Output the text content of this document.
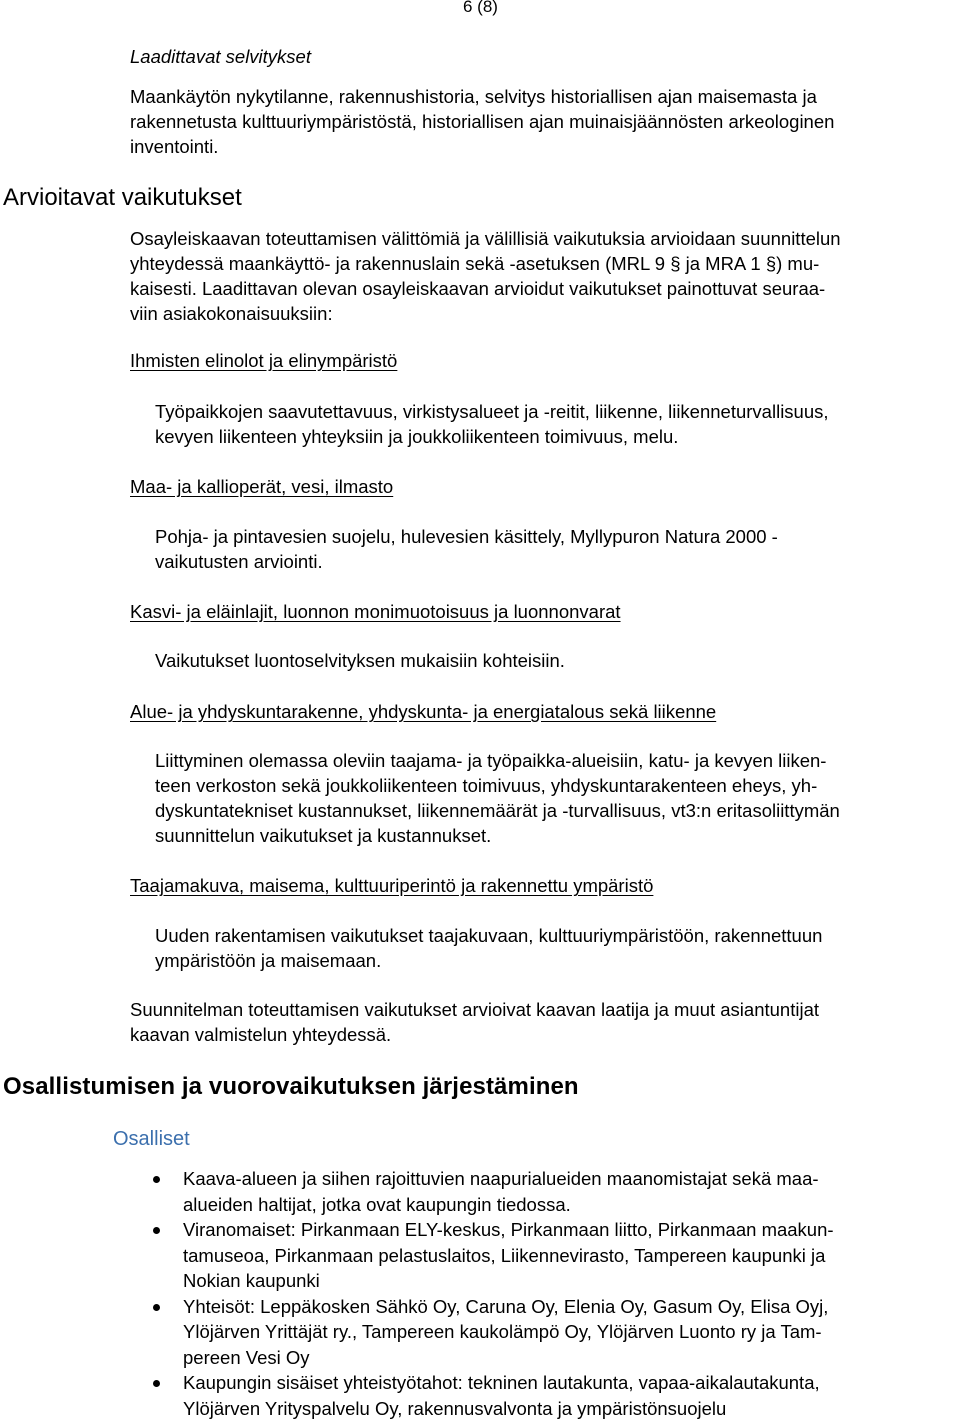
6 (8)
Laadittavat selvitykset
Maankäytön nykytilanne, rakennushistoria, selvitys historiallisen ajan maisemasta ja
rakennetusta kulttuuriympäristöstä, historiallisen ajan muinaisjäännösten arkeologinen
inventointi.
Arvioitavat vaikutukset
Osayleiskaavan toteuttamisen välittömiä ja välillisiä vaikutuksia arvioidaan suunnittelun
yhteydessä maankäyttö- ja rakennuslain sekä -asetuksen (MRL 9 § ja MRA 1 §) mu-
kaisesti. Laadittavan olevan osayleiskaavan arvioidut vaikutukset painottuvat seuraa-
viin asiakokonaisuuksiin:
Ihmisten elinolot ja elinympäristö
Työpaikkojen saavutettavuus, virkistysalueet ja -reitit, liikenne, liikenneturvallisuus,
kevyen liikenteen yhteyksiin ja joukkoliikenteen toimivuus, melu.
Maa- ja kallioperät, vesi, ilmasto
Pohja- ja pintavesien suojelu, hulevesien käsittely, Myllypuron Natura 2000 -
vaikutusten arviointi.
Kasvi- ja eläinlajit, luonnon monimuotoisuus ja luonnonvarat
Vaikutukset luontoselvityksen mukaisiin kohteisiin.
Alue- ja yhdyskuntarakenne, yhdyskunta- ja energiatalous sekä liikenne
Liittyminen olemassa oleviin taajama- ja työpaikka-alueisiin, katu- ja kevyen liiken-
teen verkoston sekä joukkoliikenteen toimivuus, yhdyskuntarakenteen eheys, yh-
dyskuntatekniset kustannukset, liikennemäärät ja -turvallisuus, vt3:n eritasoliittymän
suunnittelun vaikutukset ja kustannukset.
Taajamakuva, maisema, kulttuuriperintö ja rakennettu ympäristö
Uuden rakentamisen vaikutukset taajakuvaan, kulttuuriympäristöön, rakennettuun
ympäristöön ja maisemaan.
Suunnitelman toteuttamisen vaikutukset arvioivat kaavan laatija ja muut asiantuntijat
kaavan valmistelun yhteydessä.
Osallistumisen ja vuorovaikutuksen järjestäminen
Osalliset
Kaava-alueen ja siihen rajoittuvien naapurialueiden maanomistajat sekä maa-
alueiden haltijat, jotka ovat kaupungin tiedossa.
Viranomaiset: Pirkanmaan ELY-keskus, Pirkanmaan liitto, Pirkanmaan maakun-
tamuseoa, Pirkanmaan pelastuslaitos, Liikennevirasto, Tampereen kaupunki ja
Nokian kaupunki
Yhteisöt: Leppäkosken Sähkö Oy, Caruna Oy, Elenia Oy, Gasum Oy, Elisa Oyj,
Ylöjärven Yrittäjät ry., Tampereen kaukolämpö Oy, Ylöjärven Luonto ry ja Tam-
pereen Vesi Oy
Kaupungin sisäiset yhteistyötahot: tekninen lautakunta, vapaa-aikalautakunta,
Ylöjärven Yrityspalvelu Oy, rakennusvalvonta ja ympäristönsuojelu
